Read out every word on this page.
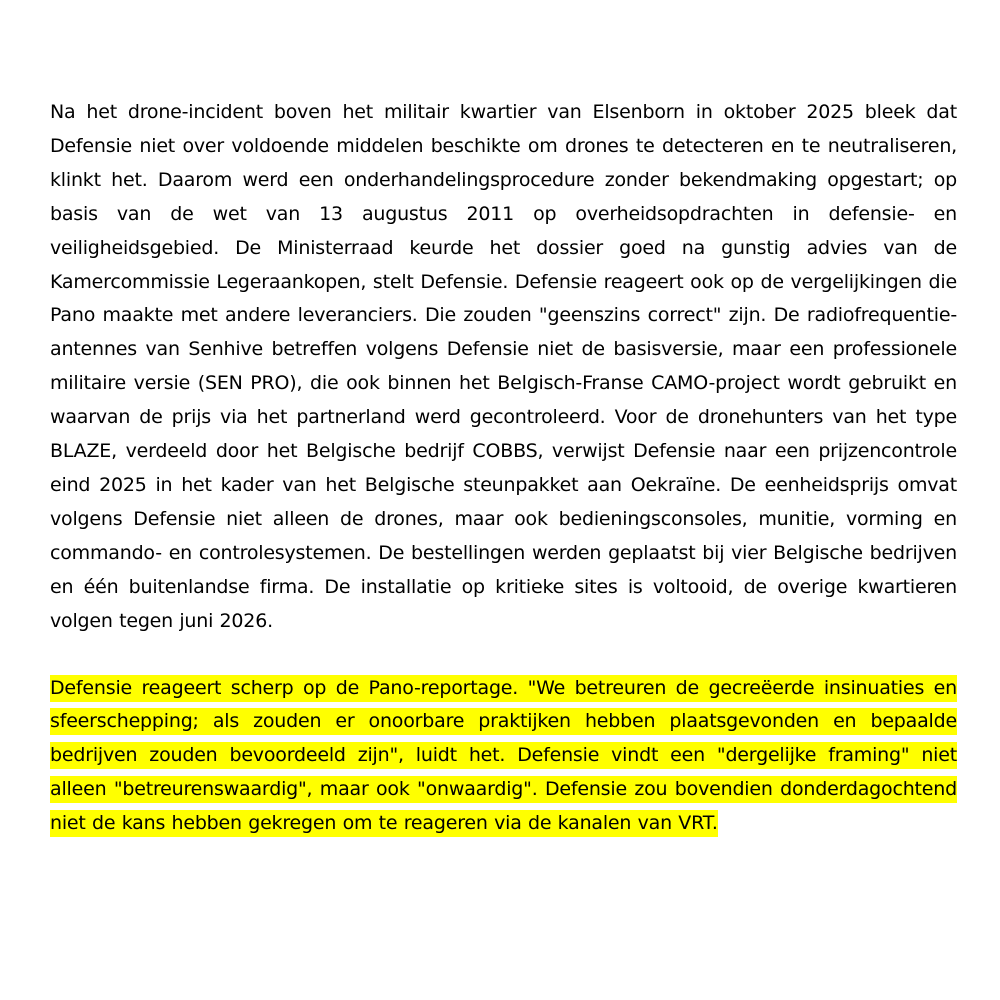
Na het drone-incident boven het militair kwartier van Elsenborn in oktober 2025 bleek dat Defensie niet over voldoende middelen beschikte om drones te detecteren en te neutraliseren, klinkt het. Daarom werd een onderhandelingsprocedure zonder bekendmaking opgestart; op basis van de wet van 13 augustus 2011 op overheidsopdrachten in defensie- en veiligheidsgebied. De Ministerraad keurde het dossier goed na gunstig advies van de Kamercommissie Legeraankopen, stelt Defensie. Defensie reageert ook op de vergelijkingen die Pano maakte met andere leveranciers. Die zouden "geenszins correct" zijn. De radiofrequentie-antennes van Senhive betreffen volgens Defensie niet de basisversie, maar een professionele militaire versie (SEN PRO), die ook binnen het Belgisch-Franse CAMO-project wordt gebruikt en waarvan de prijs via het partnerland werd gecontroleerd. Voor de dronehunters van het type BLAZE, verdeeld door het Belgische bedrijf COBBS, verwijst Defensie naar een prijzencontrole eind 2025 in het kader van het Belgische steunpakket aan Oekraïne. De eenheidsprijs omvat volgens Defensie niet alleen de drones, maar ook bedieningsconsoles, munitie, vorming en commando- en controlesystemen. De bestellingen werden geplaatst bij vier Belgische bedrijven en één buitenlandse firma. De installatie op kritieke sites is voltooid, de overige kwartieren volgen tegen juni 2026.

Defensie reageert scherp op de Pano-reportage. "We betreuren de gecreëerde insinuaties en sfeerschepping; als zouden er onoorbare praktijken hebben plaatsgevonden en bepaalde bedrijven zouden bevoordeeld zijn", luidt het. Defensie vindt een "dergelijke framing" niet alleen "betreurenswaardig", maar ook "onwaardig". Defensie zou bovendien donderdagochtend niet de kans hebben gekregen om te reageren via de kanalen van VRT.
